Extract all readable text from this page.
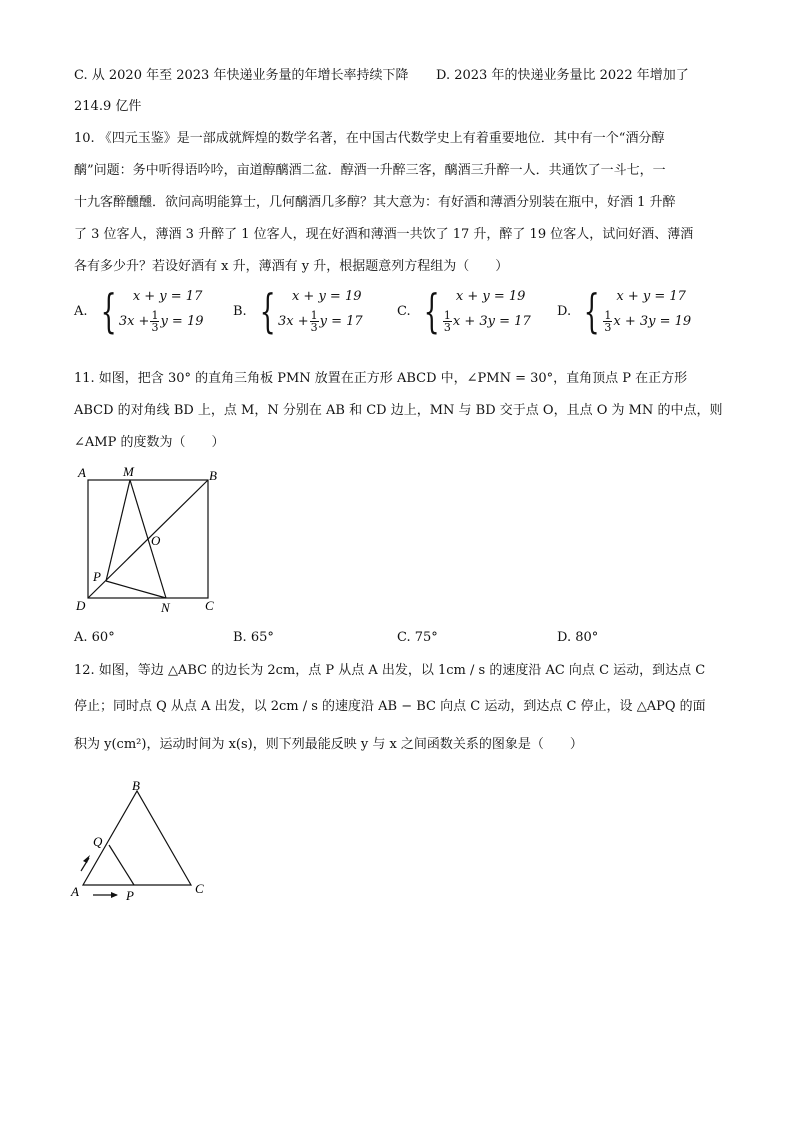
C. 从 2020 年至 2023 年快递业务量的年增长率持续下降 D. 2023 年的快递业务量比 2022 年增加了
214.9 亿件
10. 《四元玉鉴》是一部成就辉煌的数学名著，在中国古代数学史上有着重要地位．其中有一个“酒分醇
醨”问题：务中听得语吟吟，亩道醇醨酒二盆．醇酒一升醉三客，醨酒三升醉一人．共通饮了一斗七，一
十九客醉醺醺．欲问高明能算士，几何醨酒几多醇？其大意为：有好酒和薄酒分别装在瓶中，好酒 1 升醉
了 3 位客人，薄酒 3 升醉了 1 位客人，现在好酒和薄酒一共饮了 17 升，醉了 19 位客人，试问好酒、薄酒
各有多少升？若设好酒有 x 升，薄酒有 y 升，根据题意列方程组为（　　）
A. {	x + y = 17
$3x + \frac{1}{3}$ y = 19
B. {	x + y = 19
$3x + \frac{1}{3}$ y = 17
C. {	x + y = 19
$\frac{1}{3}$ x + 3y = 17
D. {	x + y = 17
$\frac{1}{3}$ x + 3y = 19
11. 如图，把含 30° 的直角三角板 PMN 放置在正方形 ABCD 中，∠PMN = 30°，直角顶点 P 在正方形
ABCD 的对角线 BD 上，点 M，N 分别在 AB 和 CD 边上，MN 与 BD 交于点 O，且点 O 为 MN 的中点，则
∠AMP 的度数为（　　）
A	M	B
O
P
D	N	C
A. 60°	B. 65°	C. 75°	D. 80°
12. 如图，等边 △ABC 的边长为 2cm，点 P 从点 A 出发，以 1cm / s 的速度沿 AC 向点 C 运动，到达点 C
停止；同时点 Q 从点 A 出发，以 2cm / s 的速度沿 AB − BC 向点 C 运动，到达点 C 停止，设 △APQ 的面
积为 y(cm²)，运动时间为 x(s)，则下列最能反映 y 与 x 之间函数关系的图象是（　　）
B
Q
A	P	C
